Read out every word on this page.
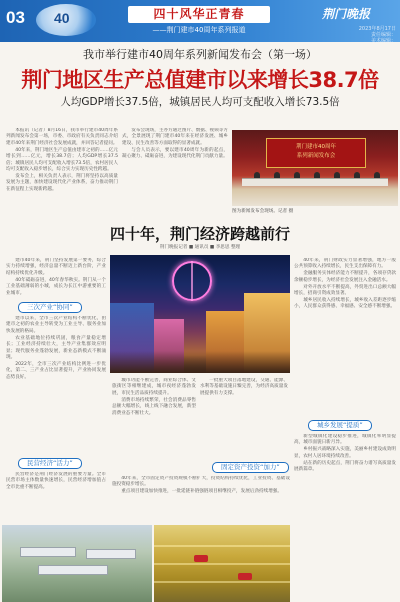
03 40	四十风华正青春
——荆门建市40周年系列报道
荆门晚报
2023年8月17日
责任编辑：
美术编辑：
我市举行建市40周年系列新闻发布会（第一场）
荆门地区生产总值建市以来增长38.7倍
人均GDP增长37.5倍，城镇居民人均可支配收入增长73.5倍

本报讯（记者）8月16日，我市举行建市40周年系列新闻发布会第一场，市委、市政府有关负责同志介绍建市40年来荆门经济社会发展成就，并回答记者提问。

40年来，荆门地区生产总值由建市之初的……亿元增长到……亿元，增长38.7倍；人均GDP增长37.5倍；城镇居民人均可支配收入增长73.5倍，农村居民人均可支配收入稳步增长，综合实力实现历史性跨越。

发布会上，相关负责人表示，荆门将坚持以高质量发展为主题，加快建设现代化产业体系，奋力推动荆门在新征程上实现新跨越。

发布会现场，主办方通过图片、数据、视频等方式，全景展现了荆门建市40年来在经济发展、城乡建设、民生改善等方面取得的显著成就。

与会人员表示，要以建市40周年为新的起点，凝心聚力、砥砺奋进，为建设现代化荆门贡献力量。

荆门建市40周年
系列新闻发布会
图为新闻发布会现场。记者 摄
四十年，荆门经济跨越前行
荆门晚报记者 ■ 通讯员 ■ 李思思 整理

建市40年来，荆门坚持发展第一要务，综合实力持续增强，经济总量不断迈上新台阶，产业结构持续优化升级。

40年砥砺奋进，40年春华秋实。荆门从一个工业基础薄弱的小城，成长为长江中游重要的工业城市。

三次产业“协同”

建市以来，全市三次产业结构不断优化，由建市之初的农业主导转变为工业主导、服务业加快发展的格局。

农业基础地位持续巩固，粮食产量稳定增长；工业经济持续壮大，主导产业集群效应明显；现代服务业蓬勃发展，新业态新模式不断涌现。

2022年，全市三次产业结构比例进一步优化，第二、三产业占比显著提升，产业协同发展态势良好。

民营经济“活力”

民营经济是荆门经济发展的重要力量。全市民营市场主体数量快速增长，民营经济增加值占全市比重不断提高。

城市功能不断完善，商业综合体、文旅街区等相继建成，城市夜经济蓬勃发展，市民生活品质持续提升。

消费市场持续繁荣，社会消费品零售总额大幅增长，线上线下融合发展，新型消费业态不断壮大。

一批重大项目落地建设，交通、能源、水利等基础设施日臻完善，为经济高质量发展提供有力支撑。

固定资产投资“加力”

40年来，全市固定资产投资规模不断扩大，投资结构持续优化，工业投资、基础设施投资稳步增长。

重点项目建设加快推进，一批延链补链强链项目相继投产，发展后劲持续增强。

40年来，荆门财政实力显著增强，地方一般公共预算收入持续增长，民生支出保障有力。

金融服务实体经济能力不断提升，各项存贷款余额稳步增长，为经济社会发展注入金融活水。

对外开放水平不断提高，外贸进出口总额大幅增长，招商引资成效显著。

城乡居民收入持续增长，城乡收入差距逐步缩小，人民群众获得感、幸福感、安全感不断增强。

城乡发展“提质”

新型城镇化建设稳步推进，城镇化率明显提高，城市面貌日新月异。

乡村振兴战略深入实施，美丽乡村建设成效明显，农村人居环境持续改善。

站在新的历史起点，荆门将奋力谱写高质量发展新篇章。
